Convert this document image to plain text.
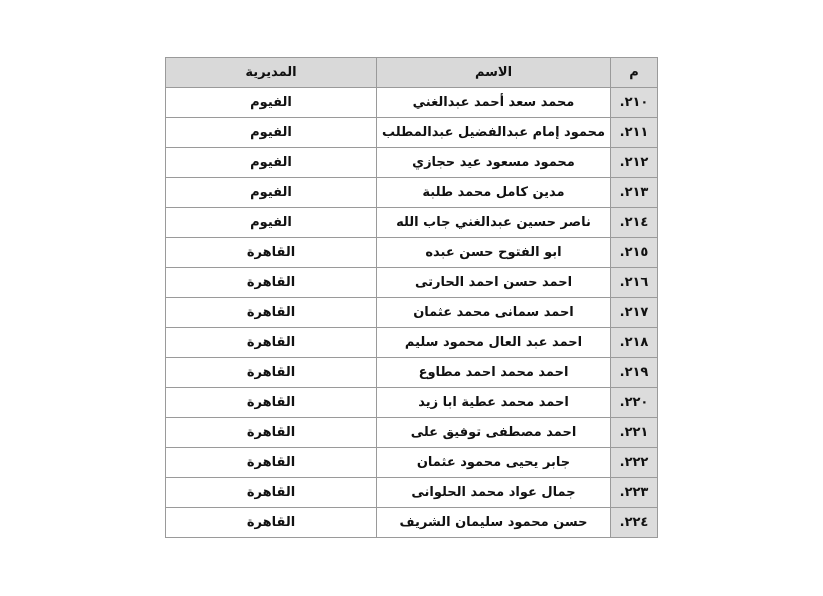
م	الاسم	المديرية
٢١٠.	محمد سعد أحمد عبدالغني	الفيوم
٢١١.	محمود إمام عبدالفضيل عبدالمطلب	الفيوم
٢١٢.	محمود مسعود عيد حجازي	الفيوم
٢١٣.	مدين كامل محمد طلبة	الفيوم
٢١٤.	ناصر حسين عبدالغني جاب الله	الفيوم
٢١٥.	ابو الفتوح حسن عبده	القاهرة
٢١٦.	احمد حسن احمد الحارتى	القاهرة
٢١٧.	احمد سمانى محمد عثمان	القاهرة
٢١٨.	احمد عبد العال محمود سليم	القاهرة
٢١٩.	احمد محمد احمد مطاوع	القاهرة
٢٢٠.	احمد محمد عطية ابا زيد	القاهرة
٢٢١.	احمد مصطفى توفيق على	القاهرة
٢٢٢.	جابر يحيى محمود عثمان	القاهرة
٢٢٣.	جمال عواد محمد الحلوانى	القاهرة
٢٢٤.	حسن محمود سليمان الشريف	القاهرة
